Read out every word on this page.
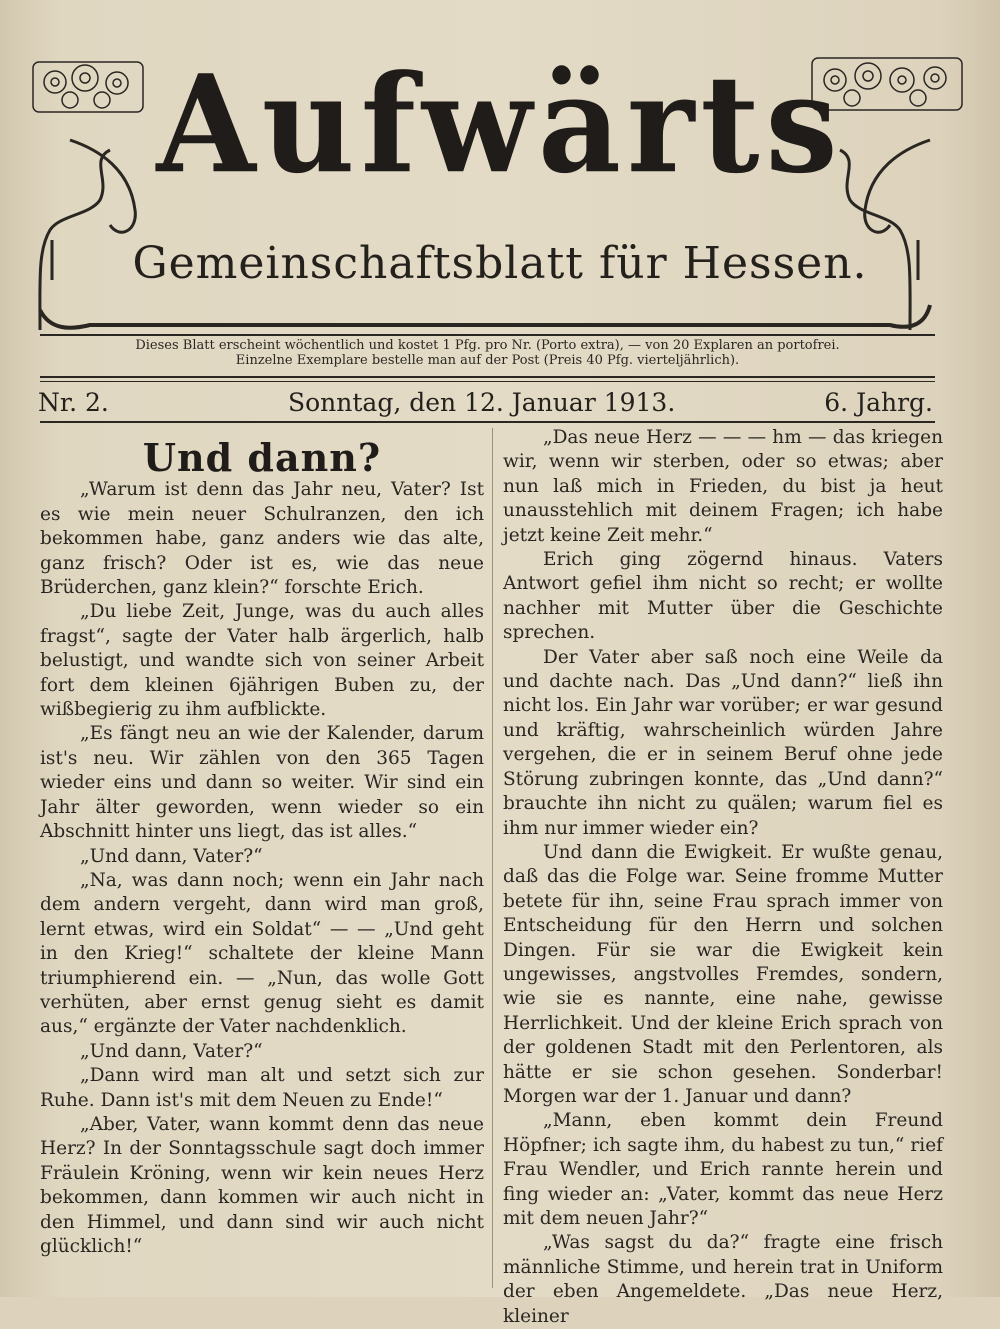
Aufwärts
Gemeinschaftsblatt für Hessen.
Dieses Blatt erscheint wöchentlich und kostet 1 Pfg. pro Nr. (Porto extra), — von 20 Explaren an portofrei.
Einzelne Exemplare bestelle man auf der Post (Preis 40 Pfg. vierteljährlich).
Nr. 2.	Sonntag, den 12. Januar 1913.	6. Jahrg.
Und dann?

„Warum ist denn das Jahr neu, Vater? Ist es wie mein neuer Schulranzen, den ich bekommen habe, ganz anders wie das alte, ganz frisch? Oder ist es, wie das neue Brüderchen, ganz klein?“ forschte Erich.

„Du liebe Zeit, Junge, was du auch alles fragst“, sagte der Vater halb ärgerlich, halb belustigt, und wandte sich von seiner Arbeit fort dem kleinen 6jährigen Buben zu, der wißbegierig zu ihm aufblickte.

„Es fängt neu an wie der Kalender, darum ist's neu. Wir zählen von den 365 Tagen wieder eins und dann so weiter. Wir sind ein Jahr älter geworden, wenn wieder so ein Abschnitt hinter uns liegt, das ist alles.“

„Und dann, Vater?“

„Na, was dann noch; wenn ein Jahr nach dem andern vergeht, dann wird man groß, lernt etwas, wird ein Soldat“ — — „Und geht in den Krieg!“ schaltete der kleine Mann triumphierend ein. — „Nun, das wolle Gott verhüten, aber ernst genug sieht es damit aus,“ ergänzte der Vater nachdenklich.

„Und dann, Vater?“

„Dann wird man alt und setzt sich zur Ruhe. Dann ist's mit dem Neuen zu Ende!“

„Aber, Vater, wann kommt denn das neue Herz? In der Sonntagsschule sagt doch immer Fräulein Kröning, wenn wir kein neues Herz bekommen, dann kommen wir auch nicht in den Himmel, und dann sind wir auch nicht glücklich!“

„Das neue Herz — — — hm — das kriegen wir, wenn wir sterben, oder so etwas; aber nun laß mich in Frieden, du bist ja heut unausstehlich mit deinem Fragen; ich habe jetzt keine Zeit mehr.“

Erich ging zögernd hinaus. Vaters Antwort gefiel ihm nicht so recht; er wollte nachher mit Mutter über die Geschichte sprechen.

Der Vater aber saß noch eine Weile da und dachte nach. Das „Und dann?“ ließ ihn nicht los. Ein Jahr war vorüber; er war gesund und kräftig, wahrscheinlich würden Jahre vergehen, die er in seinem Beruf ohne jede Störung zubringen konnte, das „Und dann?“ brauchte ihn nicht zu quälen; warum fiel es ihm nur immer wieder ein?

Und dann die Ewigkeit. Er wußte genau, daß das die Folge war. Seine fromme Mutter betete für ihn, seine Frau sprach immer von Entscheidung für den Herrn und solchen Dingen. Für sie war die Ewigkeit kein ungewisses, angstvolles Fremdes, sondern, wie sie es nannte, eine nahe, gewisse Herrlichkeit. Und der kleine Erich sprach von der goldenen Stadt mit den Perlentoren, als hätte er sie schon gesehen. Sonderbar! Morgen war der 1. Januar und dann?

„Mann, eben kommt dein Freund Höpfner; ich sagte ihm, du habest zu tun,“ rief Frau Wendler, und Erich rannte herein und fing wieder an: „Vater, kommt das neue Herz mit dem neuen Jahr?“

„Was sagst du da?“ fragte eine frisch männliche Stimme, und herein trat in Uniform der eben Angemeldete. „Das neue Herz, kleiner
